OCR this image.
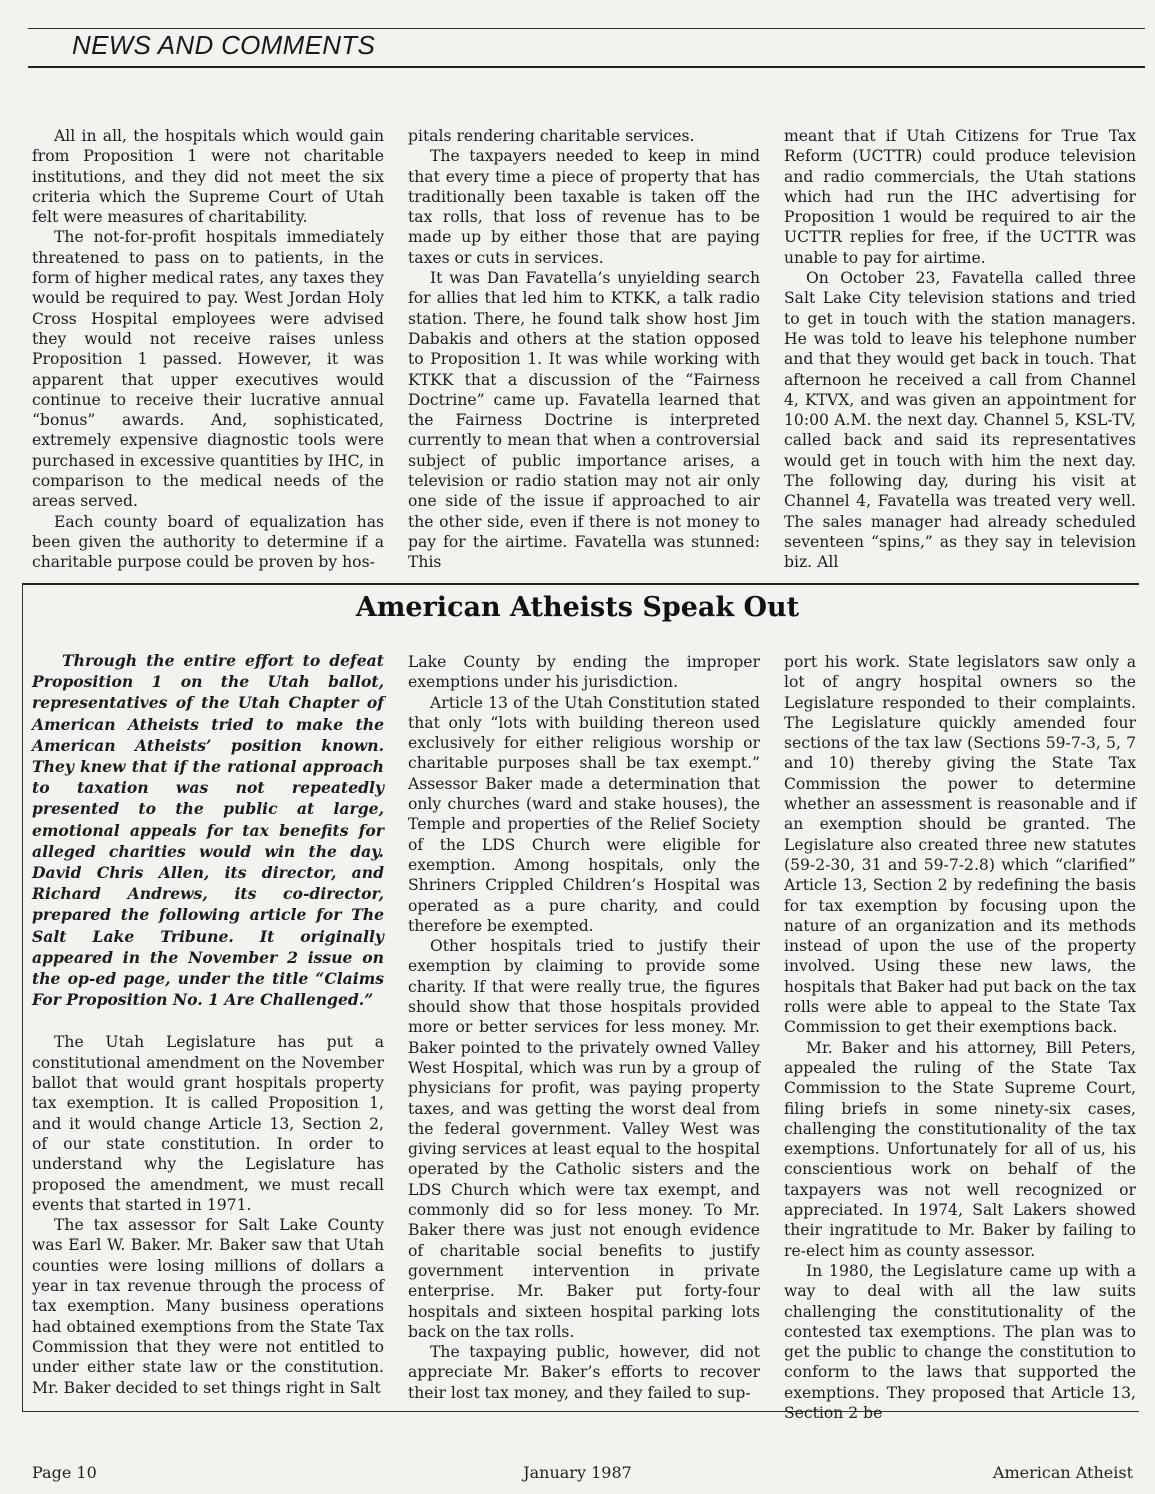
NEWS AND COMMENTS

All in all, the hospitals which would gain from Proposition 1 were not charitable institutions, and they did not meet the six criteria which the Supreme Court of Utah felt were measures of charitability.

The not-for-profit hospitals immediately threatened to pass on to patients, in the form of higher medical rates, any taxes they would be required to pay. West Jordan Holy Cross Hospital employees were advised they would not receive raises unless Proposition 1 passed. However, it was apparent that upper executives would continue to receive their lucrative annual “bonus” awards. And, sophisticated, extremely expensive diagnostic tools were purchased in excessive quantities by IHC, in comparison to the medical needs of the areas served.

Each county board of equalization has been given the authority to determine if a charitable purpose could be proven by hos-

pitals rendering charitable services.

The taxpayers needed to keep in mind that every time a piece of property that has traditionally been taxable is taken off the tax rolls, that loss of revenue has to be made up by either those that are paying taxes or cuts in services.

It was Dan Favatella’s unyielding search for allies that led him to KTKK, a talk radio station. There, he found talk show host Jim Dabakis and others at the station opposed to Proposition 1. It was while working with KTKK that a discussion of the “Fairness Doctrine” came up. Favatella learned that the Fairness Doctrine is interpreted currently to mean that when a controversial subject of public importance arises, a television or radio station may not air only one side of the issue if approached to air the other side, even if there is not money to pay for the airtime. Favatella was stunned: This

meant that if Utah Citizens for True Tax Reform (UCTTR) could produce television and radio commercials, the Utah stations which had run the IHC advertising for Proposition 1 would be required to air the UCTTR replies for free, if the UCTTR was unable to pay for airtime.

On October 23, Favatella called three Salt Lake City television stations and tried to get in touch with the station managers. He was told to leave his telephone number and that they would get back in touch. That afternoon he received a call from Channel 4, KTVX, and was given an appointment for 10:00 A.M. the next day. Channel 5, KSL-TV, called back and said its representatives would get in touch with him the next day. The following day, during his visit at Channel 4, Favatella was treated very well. The sales manager had already scheduled seventeen “spins,” as they say in television biz. All

American Atheists Speak Out

Through the entire effort to defeat Proposition 1 on the Utah ballot, representatives of the Utah Chapter of American Atheists tried to make the American Atheists’ position known. They knew that if the rational approach to taxation was not repeatedly presented to the public at large, emotional appeals for tax benefits for alleged charities would win the day. David Chris Allen, its director, and Richard Andrews, its co-director, prepared the following article for The Salt Lake Tribune. It originally appeared in the November 2 issue on the op-ed page, under the title “Claims For Proposition No. 1 Are Challenged.”

The Utah Legislature has put a constitutional amendment on the November ballot that would grant hospitals property tax exemption. It is called Proposition 1, and it would change Article 13, Section 2, of our state constitution. In order to understand why the Legislature has proposed the amendment, we must recall events that started in 1971.

The tax assessor for Salt Lake County was Earl W. Baker. Mr. Baker saw that Utah counties were losing millions of dollars a year in tax revenue through the process of tax exemption. Many business operations had obtained exemptions from the State Tax Commission that they were not entitled to under either state law or the constitution. Mr. Baker decided to set things right in Salt

Lake County by ending the improper exemptions under his jurisdiction.

Article 13 of the Utah Constitution stated that only “lots with building thereon used exclusively for either religious worship or charitable purposes shall be tax exempt.” Assessor Baker made a determination that only churches (ward and stake houses), the Temple and properties of the Relief Society of the LDS Church were eligible for exemption. Among hospitals, only the Shriners Crippled Children’s Hospital was operated as a pure charity, and could therefore be exempted.

Other hospitals tried to justify their exemption by claiming to provide some charity. If that were really true, the figures should show that those hospitals provided more or better services for less money. Mr. Baker pointed to the privately owned Valley West Hospital, which was run by a group of physicians for profit, was paying property taxes, and was getting the worst deal from the federal government. Valley West was giving services at least equal to the hospital operated by the Catholic sisters and the LDS Church which were tax exempt, and commonly did so for less money. To Mr. Baker there was just not enough evidence of charitable social benefits to justify government intervention in private enterprise. Mr. Baker put forty-four hospitals and sixteen hospital parking lots back on the tax rolls.

The taxpaying public, however, did not appreciate Mr. Baker’s efforts to recover their lost tax money, and they failed to sup-

port his work. State legislators saw only a lot of angry hospital owners so the Legislature responded to their complaints. The Legislature quickly amended four sections of the tax law (Sections 59-7-3, 5, 7 and 10) thereby giving the State Tax Commission the power to determine whether an assessment is reasonable and if an exemption should be granted. The Legislature also created three new statutes (59-2-30, 31 and 59-7-2.8) which “clarified” Article 13, Section 2 by redefining the basis for tax exemption by focusing upon the nature of an organization and its methods instead of upon the use of the property involved. Using these new laws, the hospitals that Baker had put back on the tax rolls were able to appeal to the State Tax Commission to get their exemptions back.

Mr. Baker and his attorney, Bill Peters, appealed the ruling of the State Tax Commission to the State Supreme Court, filing briefs in some ninety-six cases, challenging the constitutionality of the tax exemptions. Unfortunately for all of us, his conscientious work on behalf of the taxpayers was not well recognized or appreciated. In 1974, Salt Lakers showed their ingratitude to Mr. Baker by failing to re-elect him as county assessor.

In 1980, the Legislature came up with a way to deal with all the law suits challenging the constitutionality of the contested tax exemptions. The plan was to get the public to change the constitution to conform to the laws that supported the exemptions. They proposed that Article 13, Section 2 be

Page 10	January 1987	American Atheist
